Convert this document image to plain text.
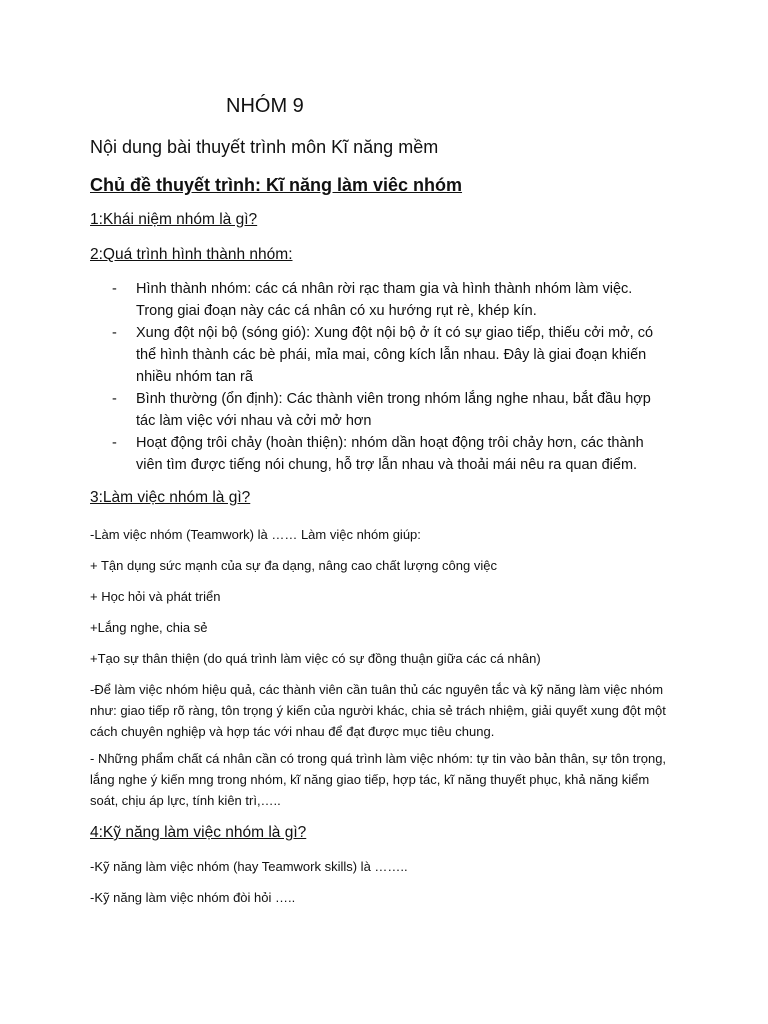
NHÓM 9
Nội dung bài thuyết trình môn Kĩ năng mềm
Chủ đề thuyết trình: Kĩ năng làm viêc nhóm
1:Khái niệm nhóm là gì?
2:Quá trình hình thành nhóm:
- Hình thành nhóm: các cá nhân rời rạc tham gia và hình thành nhóm làm việc. Trong giai đoạn này các cá nhân có xu hướng rụt rè, khép kín.
- Xung đột nội bộ (sóng gió): Xung đột nội bộ ở ít có sự giao tiếp, thiếu cởi mở, có thể hình thành các bè phái, mỉa mai, công kích lẫn nhau. Đây là giai đoạn khiến nhiều nhóm tan rã
- Bình thường (ổn định): Các thành viên trong nhóm lắng nghe nhau, bắt đầu hợp tác làm việc với nhau và cởi mở hơn
- Hoạt động trôi chảy (hoàn thiện): nhóm dần hoạt động trôi chảy hơn, các thành viên tìm được tiếng nói chung, hỗ trợ lẫn nhau và thoải mái nêu ra quan điểm.
3:Làm việc nhóm là gì?

-Làm việc nhóm (Teamwork) là …… Làm việc nhóm giúp:

+ Tận dụng sức mạnh của sự đa dạng, nâng cao chất lượng công việc

+ Học hỏi và phát triển

+Lắng nghe, chia sẻ

+Tạo sự thân thiện (do quá trình làm việc có sự đồng thuận giữa các cá nhân)

-Để làm việc nhóm hiệu quả, các thành viên cần tuân thủ các nguyên tắc và kỹ năng làm việc nhóm như: giao tiếp rõ ràng, tôn trọng ý kiến của người khác, chia sẻ trách nhiệm, giải quyết xung đột một cách chuyên nghiệp và hợp tác với nhau để đạt được mục tiêu chung.

- Những phẩm chất cá nhân cần có trong quá trình làm việc nhóm: tự tin vào bản thân, sự tôn trọng, lắng nghe ý kiến mng trong nhóm, kĩ năng giao tiếp, hợp tác, kĩ năng thuyết phục, khả năng kiểm soát, chịu áp lực, tính kiên trì,…..

4:Kỹ năng làm việc nhóm là gì?

-Kỹ năng làm việc nhóm (hay Teamwork skills) là ……..

-Kỹ năng làm việc nhóm đòi hỏi …..
